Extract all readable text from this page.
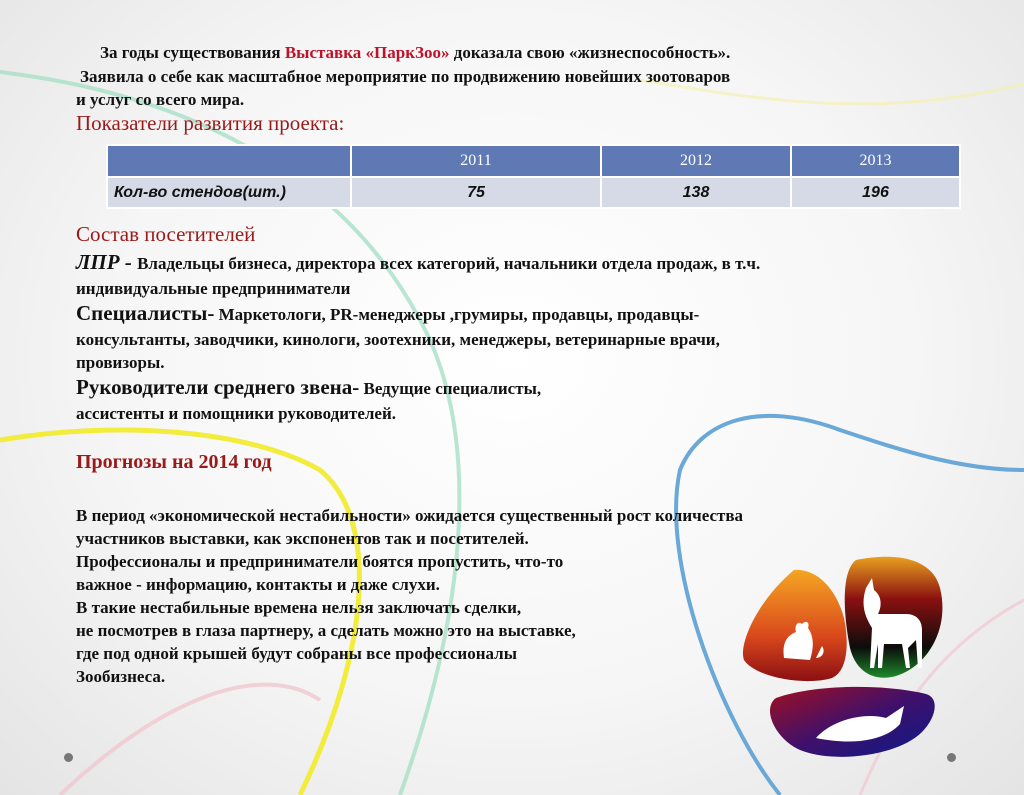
За годы существования Выставка «ПаркЗоо» доказала свою «жизнеспособность».
Заявила о себе как масштабное мероприятие по продвижению новейших зоотоваров
и услуг со всего мира.
Показатели развития проекта:
	2011	2012	2013
Кол-во стендов(шт.)	75	138	196
Состав посетителей
ЛПР - Владельцы бизнеса, директора всех категорий, начальники отдела продаж, в т.ч.
индивидуальные предприниматели
Специалисты- Маркетологи, PR-менеджеры ,грумиры, продавцы, продавцы-
консультанты, заводчики, кинологи, зоотехники, менеджеры, ветеринарные врачи,
провизоры.
Руководители среднего звена- Ведущие специалисты,
ассистенты и помощники руководителей.
Прогнозы на 2014 год
В период «экономической нестабильности» ожидается существенный рост количества
участников выставки, как экспонентов так и посетителей.
Профессионалы и предприниматели боятся пропустить, что-то
важное - информацию, контакты и даже слухи.
В такие нестабильные времена нельзя заключать сделки,
не посмотрев в глаза партнеру, а сделать можно это на выставке,
где под одной крышей будут собраны все профессионалы
Зообизнеса.
